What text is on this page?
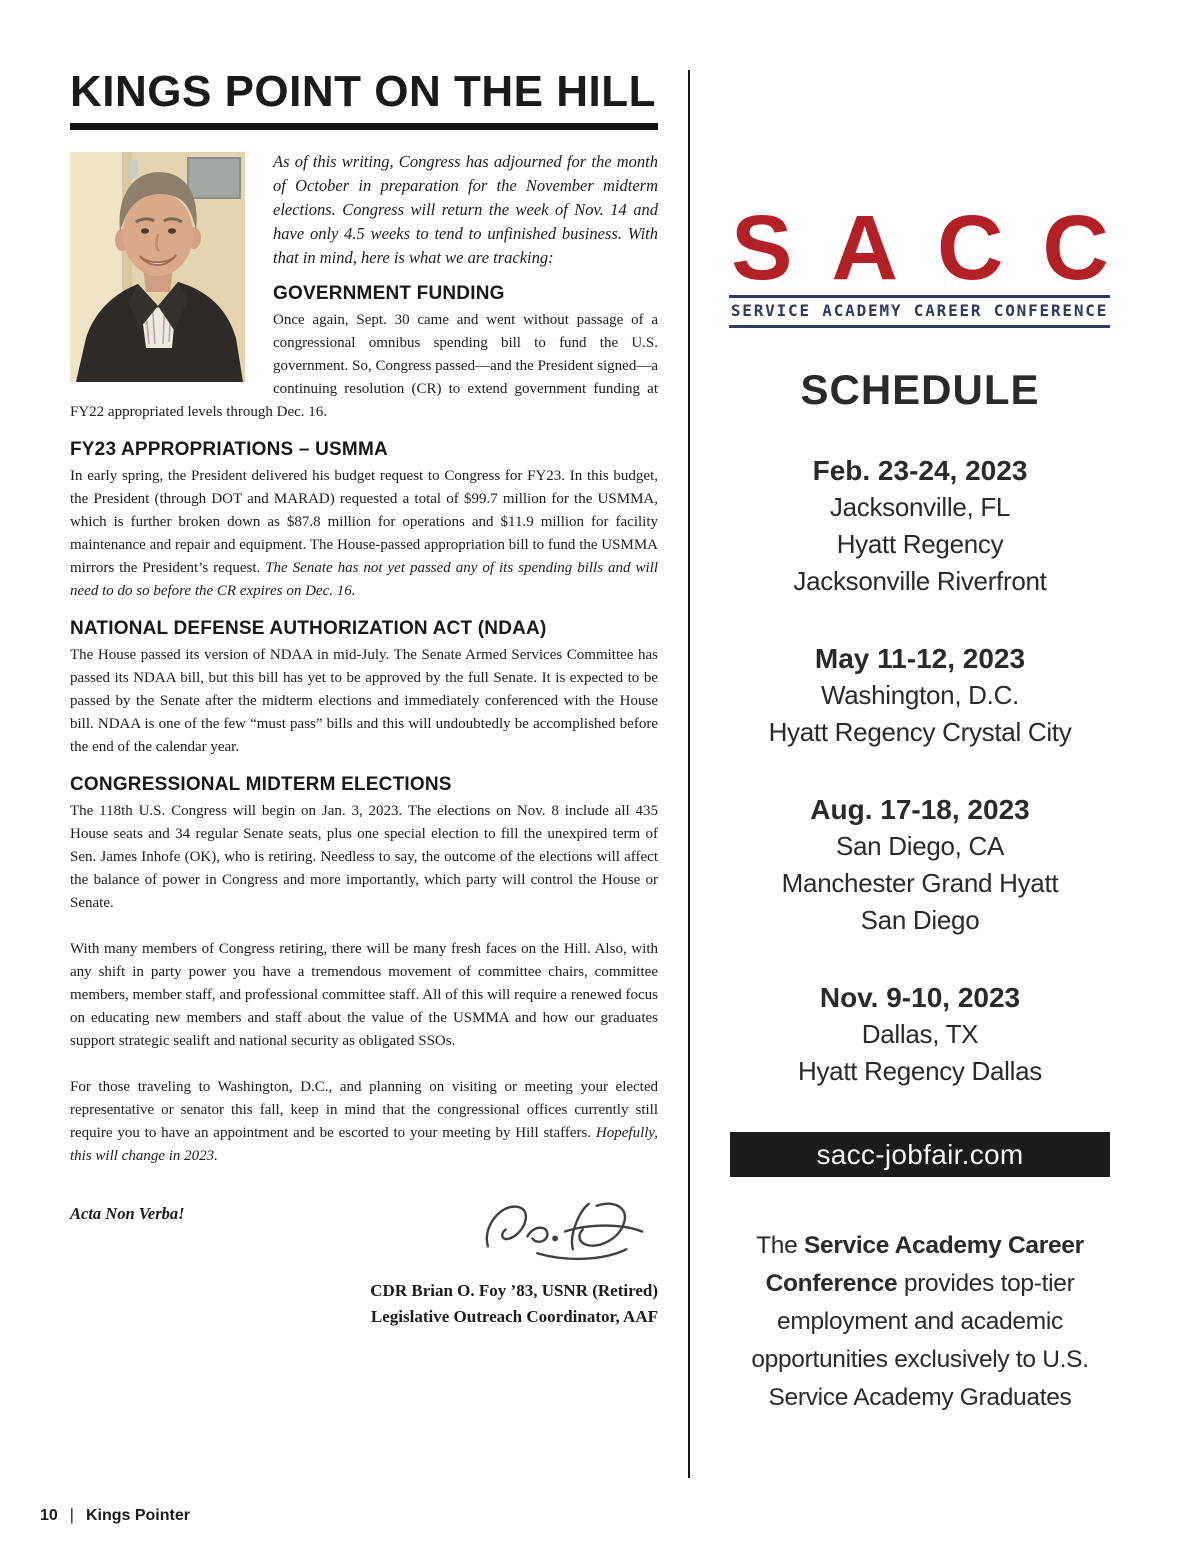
KINGS POINT ON THE HILL

As of this writing, Congress has adjourned for the month of October in preparation for the November midterm elections. Congress will return the week of Nov. 14 and have only 4.5 weeks to tend to unfinished business. With that in mind, here is what we are tracking:

GOVERNMENT FUNDING

Once again, Sept. 30 came and went without passage of a congressional omnibus spending bill to fund the U.S. government. So, Congress passed—and the President signed—a continuing resolution (CR) to extend government funding at FY22 appropriated levels through Dec. 16.

FY23 APPROPRIATIONS – USMMA

In early spring, the President delivered his budget request to Congress for FY23. In this budget, the President (through DOT and MARAD) requested a total of $99.7 million for the USMMA, which is further broken down as $87.8 million for operations and $11.9 million for facility maintenance and repair and equipment. The House-passed appropriation bill to fund the USMMA mirrors the President’s request. The Senate has not yet passed any of its spending bills and will need to do so before the CR expires on Dec. 16.

NATIONAL DEFENSE AUTHORIZATION ACT (NDAA)

The House passed its version of NDAA in mid-July. The Senate Armed Services Committee has passed its NDAA bill, but this bill has yet to be approved by the full Senate. It is expected to be passed by the Senate after the midterm elections and immediately conferenced with the House bill. NDAA is one of the few “must pass” bills and this will undoubtedly be accomplished before the end of the calendar year.

CONGRESSIONAL MIDTERM ELECTIONS

The 118th U.S. Congress will begin on Jan. 3, 2023. The elections on Nov. 8 include all 435 House seats and 34 regular Senate seats, plus one special election to fill the unexpired term of Sen. James Inhofe (OK), who is retiring. Needless to say, the outcome of the elections will affect the balance of power in Congress and more importantly, which party will control the House or Senate.

With many members of Congress retiring, there will be many fresh faces on the Hill. Also, with any shift in party power you have a tremendous movement of committee chairs, committee members, member staff, and professional committee staff. All of this will require a renewed focus on educating new members and staff about the value of the USMMA and how our graduates support strategic sealift and national security as obligated SSOs.

For those traveling to Washington, D.C., and planning on visiting or meeting your elected representative or senator this fall, keep in mind that the congressional offices currently still require you to have an appointment and be escorted to your meeting by Hill staffers. Hopefully, this will change in 2023.

Acta Non Verba!
CDR Brian O. Foy ’83, USNR (Retired)
Legislative Outreach Coordinator, AAF
SACC
SERVICE ACADEMY CAREER CONFERENCE
SCHEDULE
Feb. 23-24, 2023
Jacksonville, FL
Hyatt Regency
Jacksonville Riverfront
May 11-12, 2023
Washington, D.C.
Hyatt Regency Crystal City
Aug. 17-18, 2023
San Diego, CA
Manchester Grand Hyatt
San Diego
Nov. 9-10, 2023
Dallas, TX
Hyatt Regency Dallas
sacc-jobfair.com

The Service Academy Career Conference provides top-tier employment and academic opportunities exclusively to U.S. Service Academy Graduates

10 | Kings Pointer
